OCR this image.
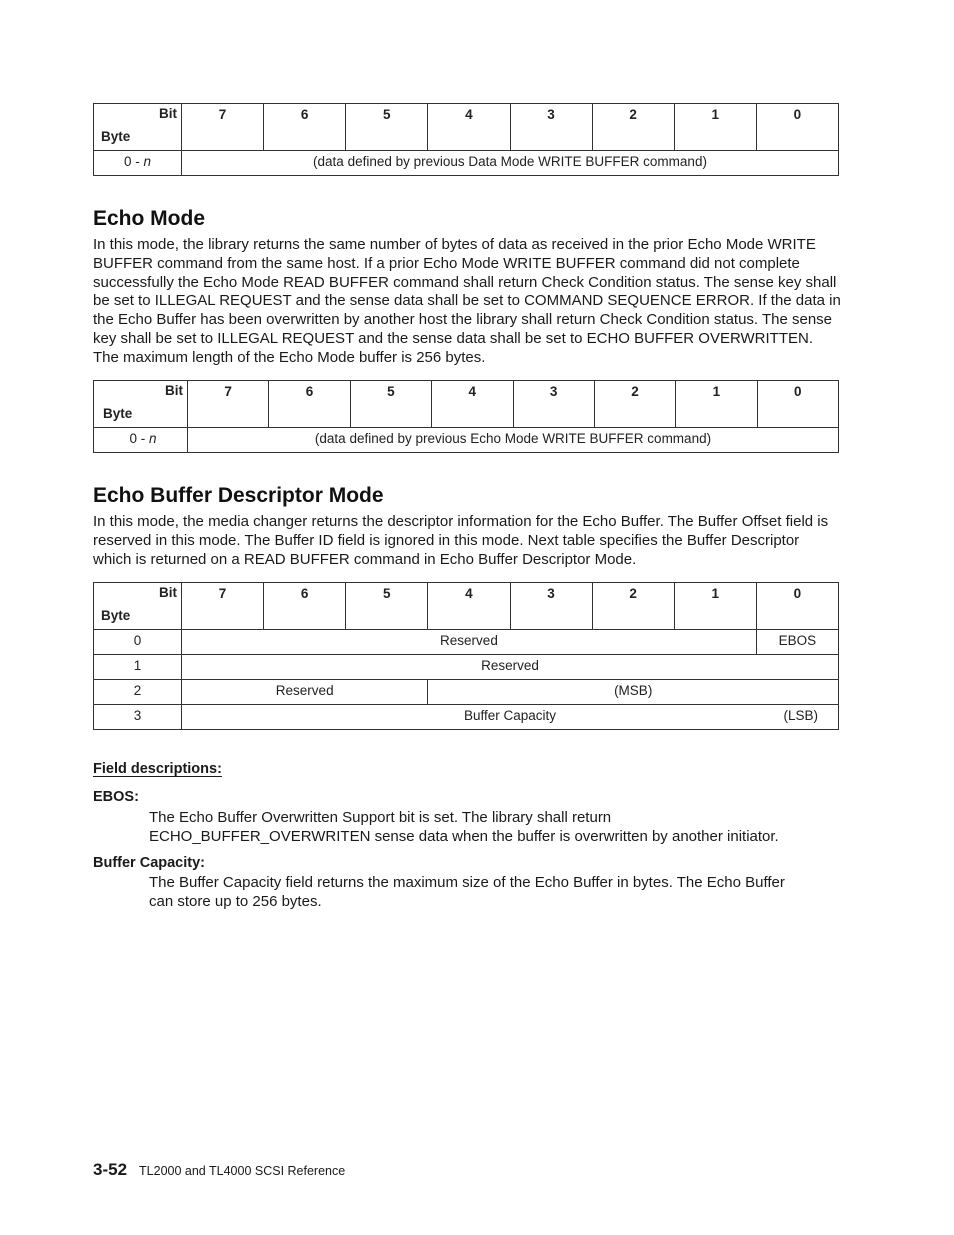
Bit
Byte	7	6	5	4	3	2	1	0
0 - n	(data defined by previous Data Mode WRITE BUFFER command)							
Echo Mode

In this mode, the library returns the same number of bytes of data as received in the prior Echo Mode WRITE BUFFER command from the same host. If a prior Echo Mode WRITE BUFFER command did not complete successfully the Echo Mode READ BUFFER command shall return Check Condition status. The sense key shall be set to ILLEGAL REQUEST and the sense data shall be set to COMMAND SEQUENCE ERROR. If the data in the Echo Buffer has been overwritten by another host the library shall return Check Condition status. The sense key shall be set to ILLEGAL REQUEST and the sense data shall be set to ECHO BUFFER OVERWRITTEN. The maximum length of the Echo Mode buffer is 256 bytes.

Bit
Byte	7	6	5	4	3	2	1	0
0 - n	(data defined by previous Echo Mode WRITE BUFFER command)							
Echo Buffer Descriptor Mode

In this mode, the media changer returns the descriptor information for the Echo Buffer. The Buffer Offset field is reserved in this mode. The Buffer ID field is ignored in this mode. Next table specifies the Buffer Descriptor which is returned on a READ BUFFER command in Echo Buffer Descriptor Mode.

Bit
Byte	7	6	5	4	3	2	1	0
0	Reserved							EBOS
1	Reserved							
2	Reserved			(MSB)				
3	Buffer Capacity (LSB)							
Field descriptions:
EBOS:
The Echo Buffer Overwritten Support bit is set. The library shall return
ECHO_BUFFER_OVERWRITEN sense data when the buffer is overwritten by another initiator.
Buffer Capacity:
The Buffer Capacity field returns the maximum size of the Echo Buffer in bytes. The Echo Buffer
can store up to 256 bytes.
3-52 TL2000 and TL4000 SCSI Reference
